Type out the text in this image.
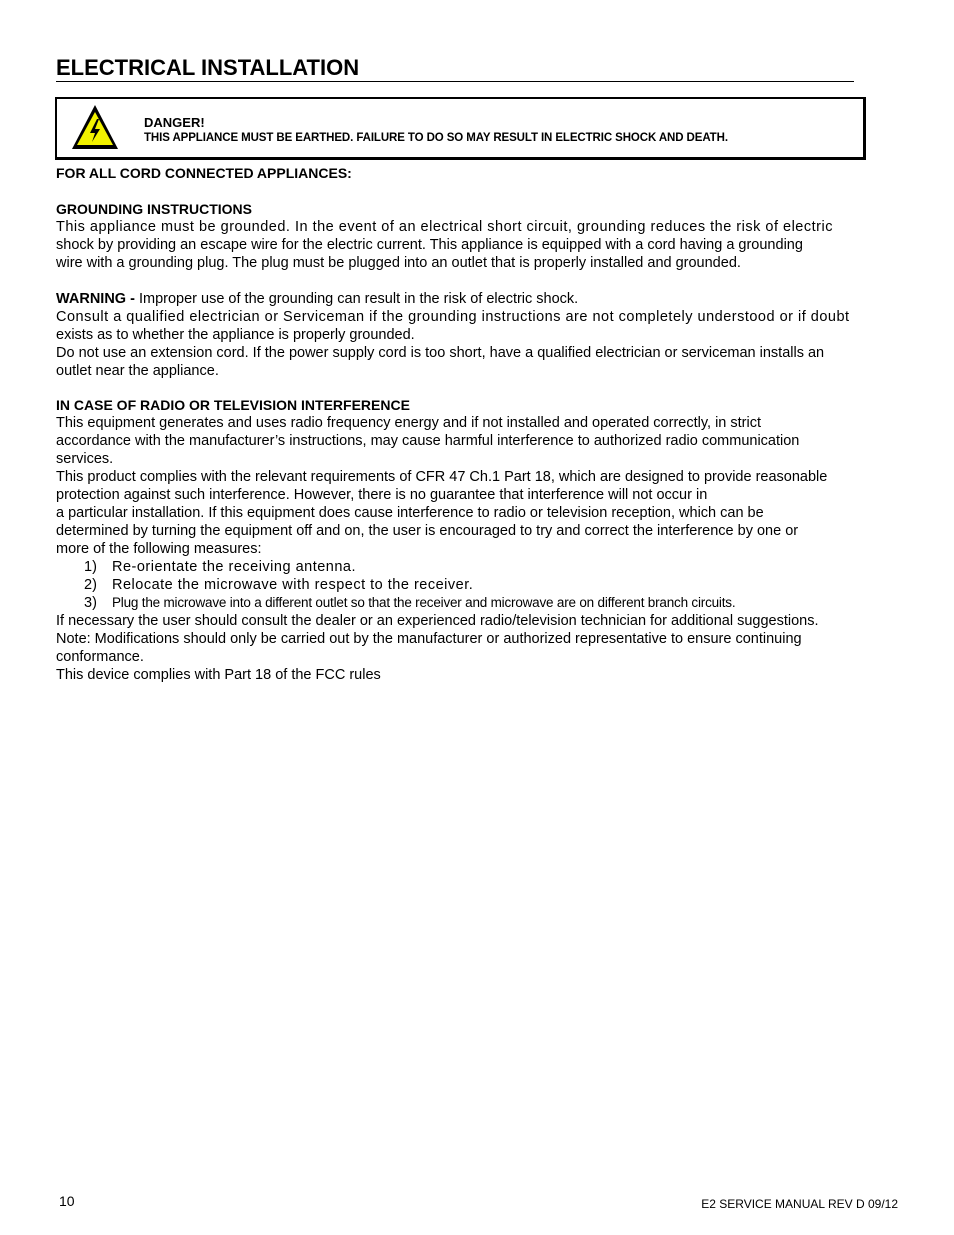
ELECTRICAL INSTALLATION
DANGER!
THIS APPLIANCE MUST BE EARTHED. FAILURE TO DO SO MAY RESULT IN ELECTRIC SHOCK AND DEATH.

FOR ALL CORD CONNECTED APPLIANCES:

GROUNDING INSTRUCTIONS

This appliance must be grounded. In the event of an electrical short circuit, grounding reduces the risk of electric

shock by providing an escape wire for the electric current. This appliance is equipped with a cord having a grounding

wire with a grounding plug. The plug must be plugged into an outlet that is properly installed and grounded.

WARNING - Improper use of the grounding can result in the risk of electric shock.

Consult a qualified electrician or Serviceman if the grounding instructions are not completely understood or if doubt

exists as to whether the appliance is properly grounded.

Do not use an extension cord. If the power supply cord is too short, have a qualified electrician or serviceman installs an

outlet near the appliance.

IN CASE OF RADIO OR TELEVISION INTERFERENCE

This equipment generates and uses radio frequency energy and if not installed and operated correctly, in strict

accordance with the manufacturer’s instructions, may cause harmful interference to authorized radio communication

services.

This product complies with the relevant requirements of CFR 47 Ch.1 Part 18, which are designed to provide reasonable

protection against such interference. However, there is no guarantee that interference will not occur in

a particular installation. If this equipment does cause interference to radio or television reception, which can be

determined by turning the equipment off and on, the user is encouraged to try and correct the interference by one or

more of the following measures:

1) Re-orientate the receiving antenna.
2) Relocate the microwave with respect to the receiver.
3) Plug the microwave into a different outlet so that the receiver and microwave are on different branch circuits.

If necessary the user should consult the dealer or an experienced radio/television technician for additional suggestions.

Note: Modifications should only be carried out by the manufacturer or authorized representative to ensure continuing

conformance.

This device complies with Part 18 of the FCC rules

10	E2 SERVICE MANUAL REV D 09/12
